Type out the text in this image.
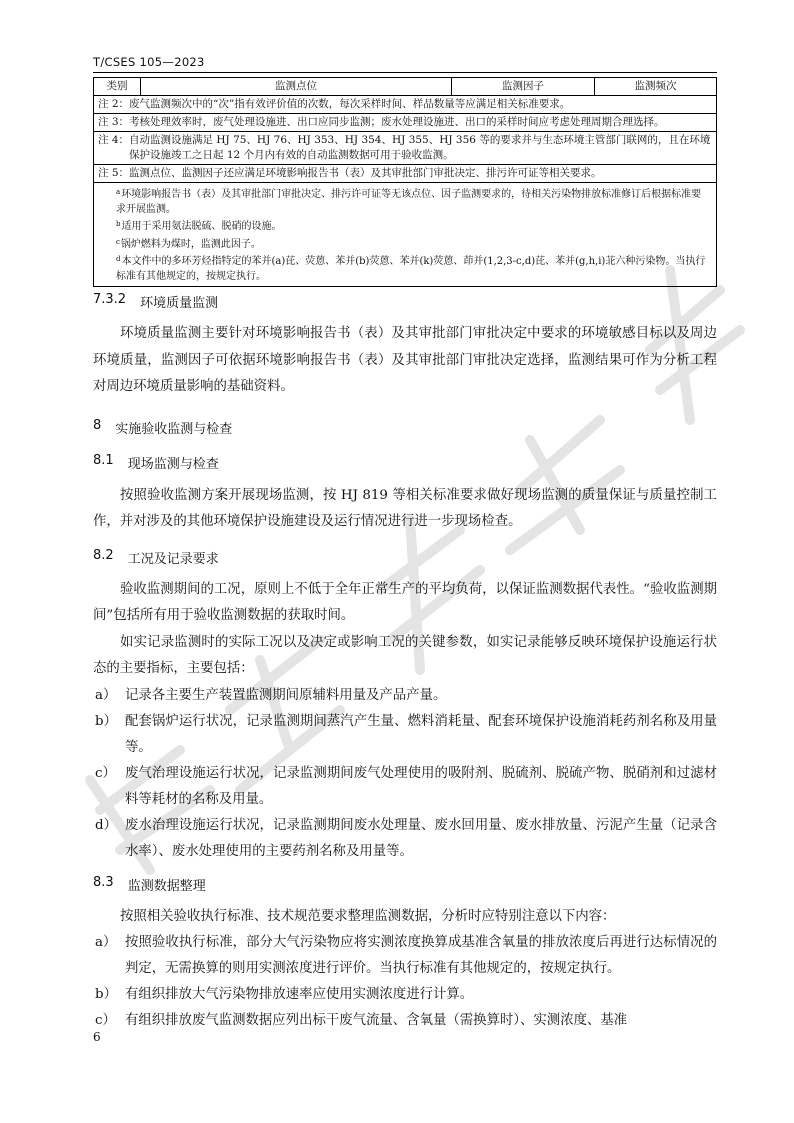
T/CSES 105—2023
类别	监测点位	监测因子	监测频次

注 2： 废气监测频次中的“次”指有效评价值的次数，每次采样时间、样品数量等应满足相关标准要求。

注 3： 考核处理效率时，废气处理设施进、出口应同步监测；废水处理设施进、出口的采样时间应考虑处理周期合理选择。

注 4： 自动监测设施满足 HJ 75、HJ 76、HJ 353、HJ 354、HJ 355、HJ 356 等的要求并与生态环境主管部门联网的，且在环境保护设施竣工之日起 12 个月内有效的自动监测数据可用于验收监测。

注 5： 监测点位、监测因子还应满足环境影响报告书（表）及其审批部门审批决定、排污许可证等相关要求。

$^a$环境影响报告书（表）及其审批部门审批决定、排污许可证等无该点位、因子监测要求的，待相关污染物排放标准修订后根据标准要求开展监测。
$^b$适用于采用氨法脱硫、脱硝的设施。
$^c$锅炉燃料为煤时，监测此因子。
$^d$本文件中的多环芳烃指特定的苯并(a)芘、荧蒽、苯并(b)荧蒽、苯并(k)荧蒽、茚并(1,2,3-c,d)芘、苯并(g,h,i)苝六种污染物。当执行标准有其他规定的，按规定执行。
7.3.2 环境质量监测

环境质量监测主要针对环境影响报告书（表）及其审批部门审批决定中要求的环境敏感目标以及周边环境质量，监测因子可依据环境影响报告书（表）及其审批部门审批决定选择，监测结果可作为分析工程对周边环境质量影响的基础资料。

8 实施验收监测与检查
8.1 现场监测与检查

按照验收监测方案开展现场监测，按 HJ 819 等相关标准要求做好现场监测的质量保证与质量控制工作，并对涉及的其他环境保护设施建设及运行情况进行进一步现场检查。

8.2 工况及记录要求

验收监测期间的工况，原则上不低于全年正常生产的平均负荷，以保证监测数据代表性。“验收监测期间”包括所有用于验收监测数据的获取时间。

如实记录监测时的实际工况以及决定或影响工况的关键参数，如实记录能够反映环境保护设施运行状态的主要指标，主要包括：

a） 记录各主要生产装置监测期间原辅料用量及产品产量。
b） 配套锅炉运行状况，记录监测期间蒸汽产生量、燃料消耗量、配套环境保护设施消耗药剂名称及用量等。
c） 废气治理设施运行状况，记录监测期间废气处理使用的吸附剂、脱硫剂、脱硫产物、脱硝剂和过滤材料等耗材的名称及用量。
d） 废水治理设施运行状况，记录监测期间废水处理量、废水回用量、废水排放量、污泥产生量（记录含水率）、废水处理使用的主要药剂名称及用量等。
8.3 监测数据整理

按照相关验收执行标准、技术规范要求整理监测数据，分析时应特别注意以下内容：

a） 按照验收执行标准，部分大气污染物应将实测浓度换算成基准含氧量的排放浓度后再进行达标情况的判定，无需换算的则用实测浓度进行评价。当执行标准有其他规定的，按规定执行。
b） 有组织排放大气污染物排放速率应使用实测浓度进行计算。
c） 有组织排放废气监测数据应列出标干废气流量、含氧量（需换算时）、实测浓度、基准
6
